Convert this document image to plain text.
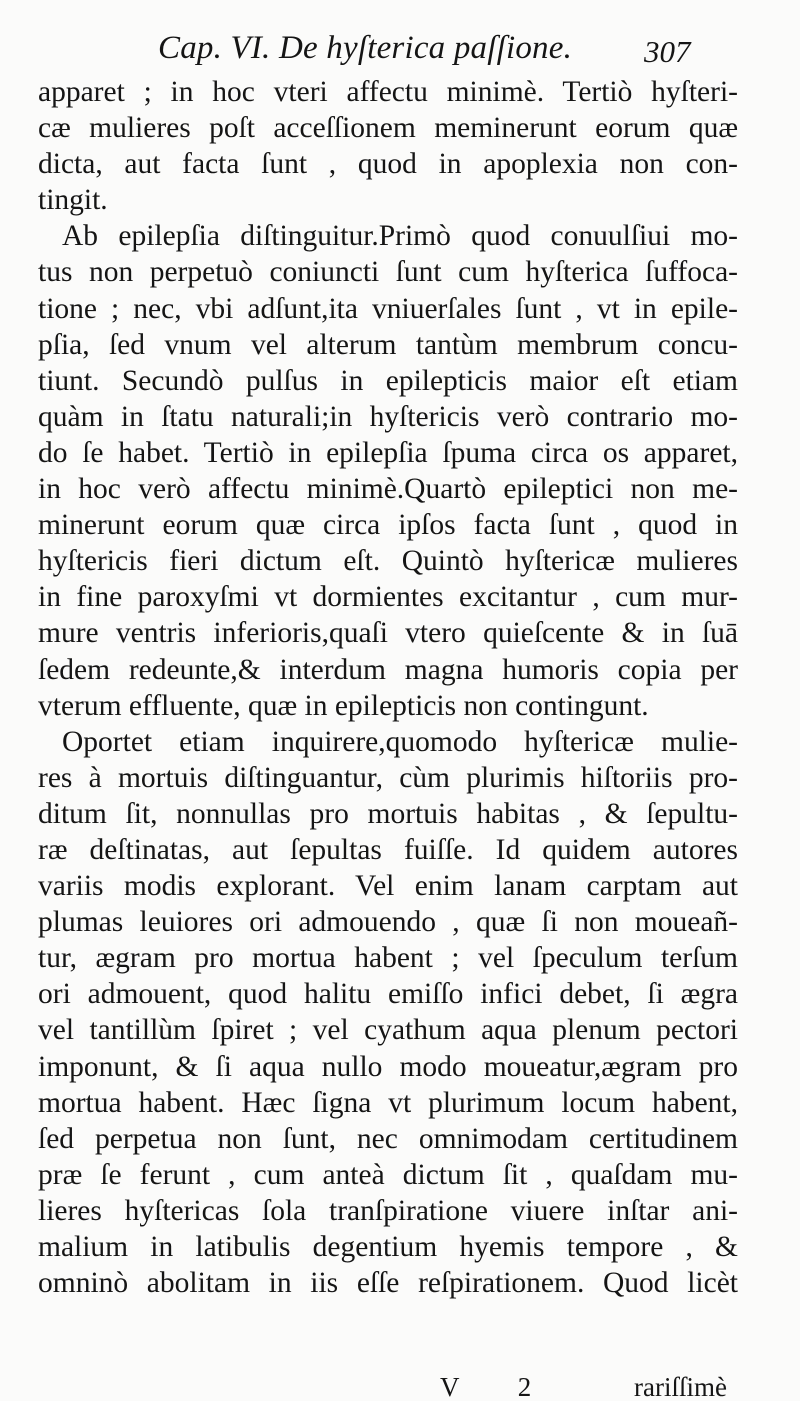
Cap. VI. De hyſterica paſſione. 307
apparet ; in hoc vteri affectu minimè. Tertiò hyſteri-
cæ mulieres poſt acceſſionem meminerunt eorum quæ
dicta, aut facta ſunt , quod in apoplexia non con-
tingit.
Ab epilepſia diſtinguitur.Primò quod conuulſiui mo-
tus non perpetuò coniuncti ſunt cum hyſterica ſuffoca-
tione ; nec, vbi adſunt,ita vniuerſales ſunt , vt in epile-
pſia, ſed vnum vel alterum tantùm membrum concu-
tiunt. Secundò pulſus in epilepticis maior eſt etiam
quàm in ſtatu naturali;in hyſtericis verò contrario mo-
do ſe habet. Tertiò in epilepſia ſpuma circa os apparet,
in hoc verò affectu minimè.Quartò epileptici non me-
minerunt eorum quæ circa ipſos facta ſunt , quod in
hyſtericis fieri dictum eſt. Quintò hyſtericæ mulieres
in fine paroxyſmi vt dormientes excitantur , cum mur-
mure ventris inferioris,quaſi vtero quieſcente & in ſuā
ſedem redeunte,& interdum magna humoris copia per
vterum effluente, quæ in epilepticis non contingunt.
Oportet etiam inquirere,quomodo hyſtericæ mulie-
res à mortuis diſtinguantur, cùm plurimis hiſtoriis pro-
ditum ſit, nonnullas pro mortuis habitas , & ſepultu-
ræ deſtinatas, aut ſepultas fuiſſe. Id quidem autores
variis modis explorant. Vel enim lanam carptam aut
plumas leuiores ori admouendo , quæ ſi non moueañ-
tur, ægram pro mortua habent ; vel ſpeculum terſum
ori admouent, quod halitu emiſſo infici debet, ſi ægra
vel tantillùm ſpiret ; vel cyathum aqua plenum pectori
imponunt, & ſi aqua nullo modo moueatur,ægram pro
mortua habent. Hæc ſigna vt plurimum locum habent,
ſed perpetua non ſunt, nec omnimodam certitudinem
præ ſe ferunt , cum anteà dictum ſit , quaſdam mu-
lieres hyſtericas ſola tranſpiratione viuere inſtar ani-
malium in latibulis degentium hyemis tempore , &
omninò abolitam in iis eſſe reſpirationem. Quod licèt
V 2	rariſſimè
